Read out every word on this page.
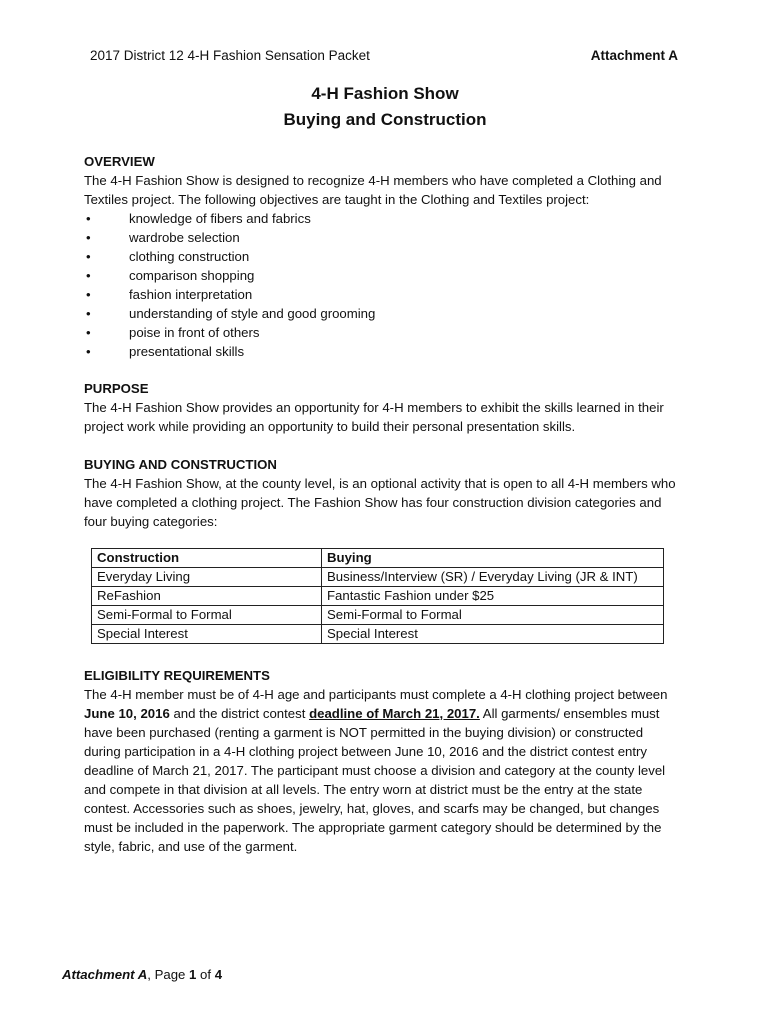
2017 District 12 4-H Fashion Sensation Packet	Attachment A
4-H Fashion Show
Buying and Construction

OVERVIEW

The 4-H Fashion Show is designed to recognize 4-H members who have completed a Clothing and Textiles project. The following objectives are taught in the Clothing and Textiles project:

•	knowledge of fibers and fabrics
•	wardrobe selection
•	clothing construction
•	comparison shopping
•	fashion interpretation
•	understanding of style and good grooming
•	poise in front of others
•	presentational skills

PURPOSE

The 4-H Fashion Show provides an opportunity for 4-H members to exhibit the skills learned in their project work while providing an opportunity to build their personal presentation skills.

BUYING AND CONSTRUCTION

The 4-H Fashion Show, at the county level, is an optional activity that is open to all 4-H members who have completed a clothing project. The Fashion Show has four construction division categories and four buying categories:

Construction	Buying
Everyday Living	Business/Interview (SR) / Everyday Living (JR & INT)
ReFashion	Fantastic Fashion under $25
Semi-Formal to Formal	Semi-Formal to Formal
Special Interest	Special Interest

ELIGIBILITY REQUIREMENTS

The 4-H member must be of 4-H age and participants must complete a 4-H clothing project between June 10, 2016 and the district contest deadline of March 21, 2017. All garments/ ensembles must have been purchased (renting a garment is NOT permitted in the buying division) or constructed during participation in a 4-H clothing project between June 10, 2016 and the district contest entry deadline of March 21, 2017. The participant must choose a division and category at the county level and compete in that division at all levels. The entry worn at district must be the entry at the state contest. Accessories such as shoes, jewelry, hat, gloves, and scarfs may be changed, but changes must be included in the paperwork. The appropriate garment category should be determined by the style, fabric, and use of the garment.

Attachment A, Page 1 of 4
